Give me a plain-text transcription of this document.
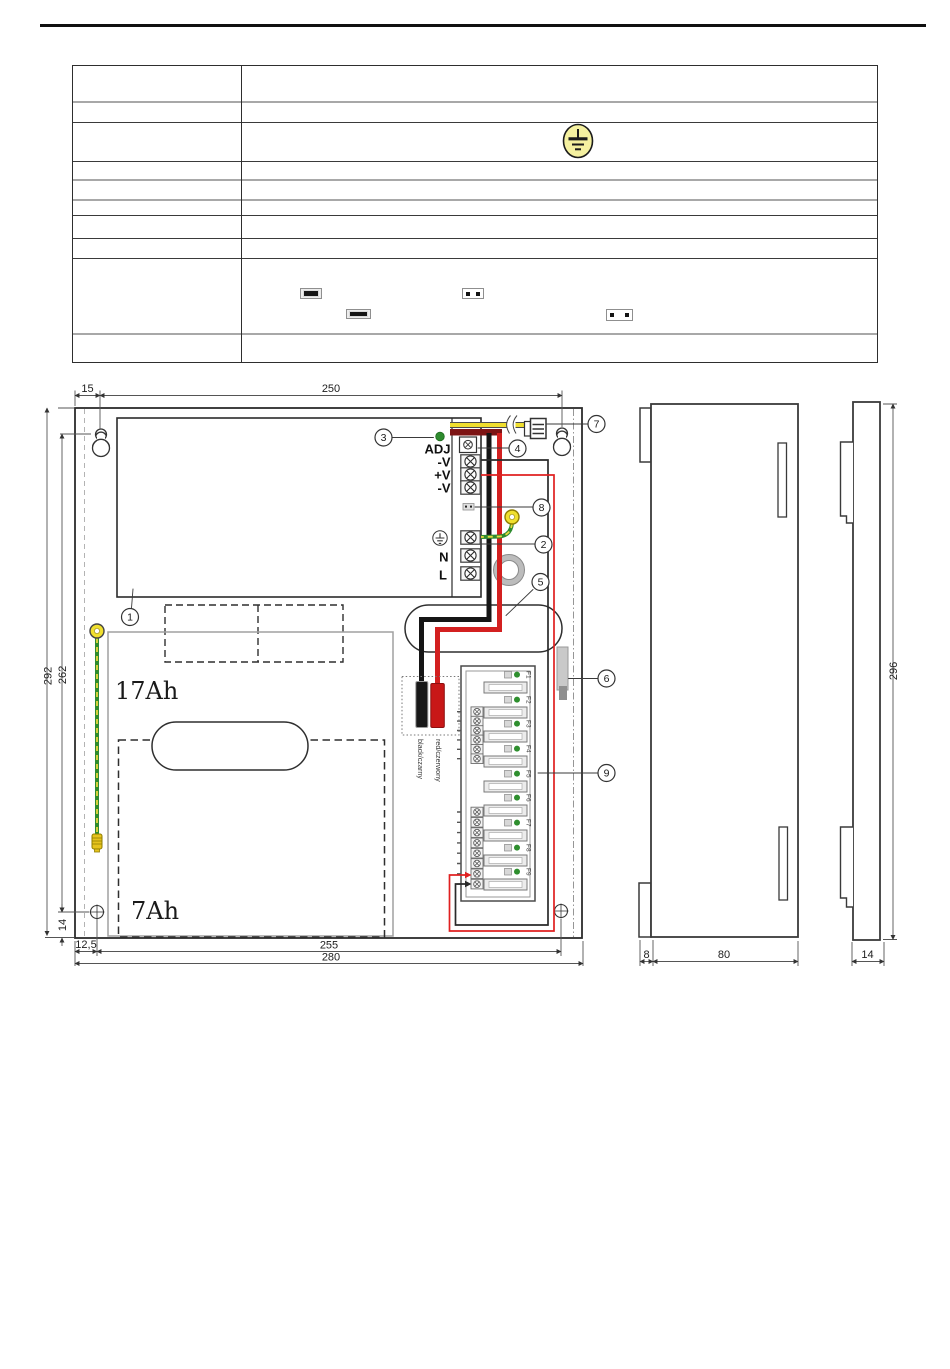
17Ah
7Ah
ADJ
-V
+V
-V
N
L
F1
F2
F3
F4
F5
F6
F7
F8
F9
black/czarny red/czerwony
1
2
3
4
5
6
7
8
9
15	250
292 262
14
12,5	255
280	8	80	14
296
